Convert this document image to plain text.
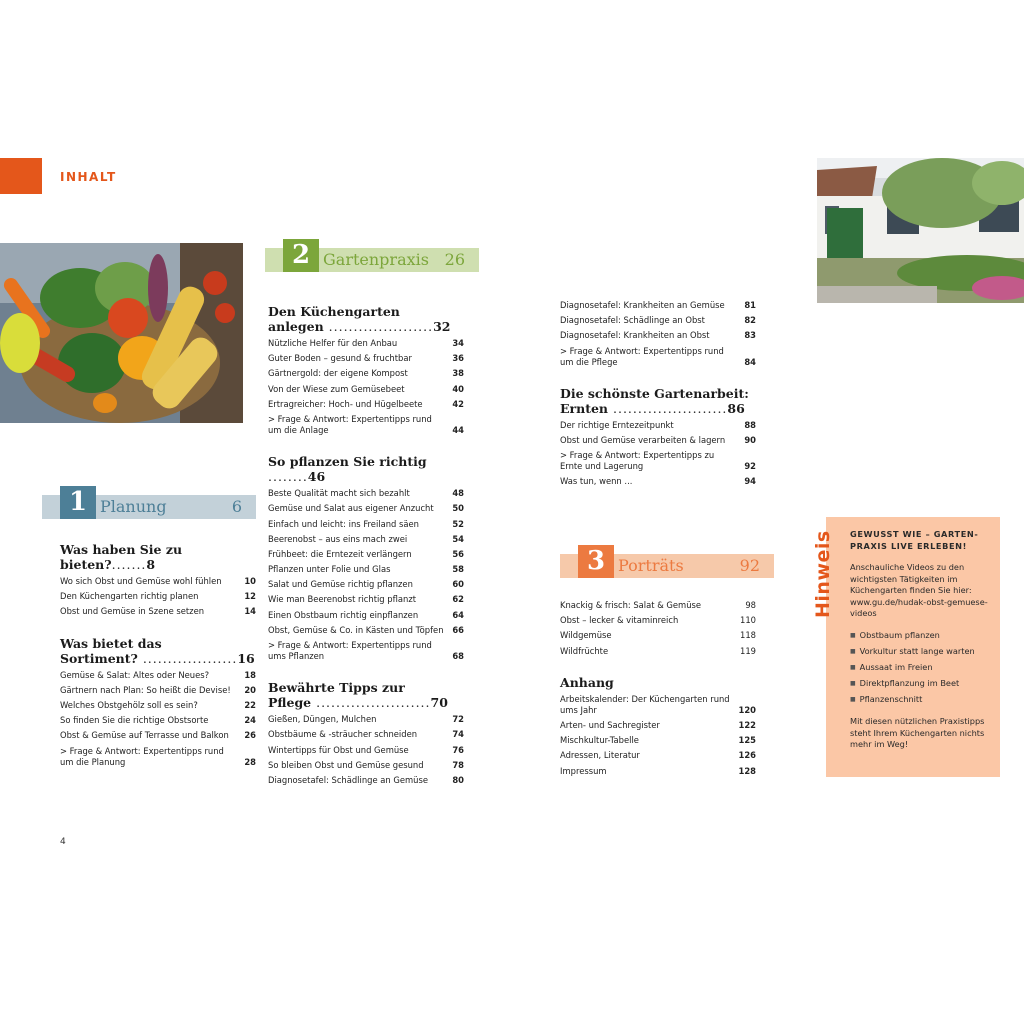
INHALT
1 Planung	6
2 Gartenpraxis 26
3 Porträts	92
Was haben Sie zu bieten?.......8
Wo sich Obst und Gemüse wohl fühlen	10
Den Küchengarten richtig planen	12
Obst und Gemüse in Szene setzen	14
Was bietet das
Sortiment? ...................16
Gemüse & Salat: Altes oder Neues?	18
Gärtnern nach Plan: So heißt die Devise!	20
Welches Obstgehölz soll es sein?	22
So finden Sie die richtige Obstsorte	24
Obst & Gemüse auf Terrasse und Balkon	26
> Frage & Antwort: Expertentipps rund um die Planung	28
Den Küchengarten
anlegen .....................32
Nützliche Helfer für den Anbau	34
Guter Boden – gesund & fruchtbar	36
Gärtnergold: der eigene Kompost	38
Von der Wiese zum Gemüsebeet	40
Ertragreicher: Hoch- und Hügelbeete	42
> Frage & Antwort: Expertentipps rund um die Anlage	44
So pflanzen Sie richtig ........46
Beste Qualität macht sich bezahlt	48
Gemüse und Salat aus eigener Anzucht	50
Einfach und leicht: ins Freiland säen	52
Beerenobst – aus eins mach zwei	54
Frühbeet: die Erntezeit verlängern	56
Pflanzen unter Folie und Glas	58
Salat und Gemüse richtig pflanzen	60
Wie man Beerenobst richtig pflanzt	62
Einen Obstbaum richtig einpflanzen	64
Obst, Gemüse & Co. in Kästen und Töpfen	66
> Frage & Antwort: Expertentipps rund ums Pflanzen	68
Bewährte Tipps zur
Pflege .......................70
Gießen, Düngen, Mulchen	72
Obstbäume & -sträucher schneiden	74
Wintertipps für Obst und Gemüse	76
So bleiben Obst und Gemüse gesund	78
Diagnosetafel: Schädlinge an Gemüse	80
Diagnosetafel: Krankheiten an Gemüse	81
Diagnosetafel: Schädlinge an Obst	82
Diagnosetafel: Krankheiten an Obst	83
> Frage & Antwort: Expertentipps rund um die Pflege	84
Die schönste Gartenarbeit:
Ernten .......................86
Der richtige Erntezeitpunkt	88
Obst und Gemüse verarbeiten & lagern	90
> Frage & Antwort: Expertentipps zu Ernte und Lagerung	92
Was tun, wenn ...	94
Knackig & frisch: Salat & Gemüse	98
Obst – lecker & vitaminreich	110
Wildgemüse	118
Wildfrüchte	119
Anhang
Arbeitskalender: Der Küchengarten rund ums Jahr	120
Arten- und Sachregister	122
Mischkultur-Tabelle	125
Adressen, Literatur	126
Impressum	128
GEWUSST WIE – GARTEN-PRAXIS LIVE ERLEBEN!
Anschauliche Videos zu den wichtigsten Tätigkeiten im Küchengarten finden Sie hier: www.gu.de/hudak-obst-gemuese-videos
■ Obstbaum pflanzen
■ Vorkultur statt lange warten
■ Aussaat im Freien
■ Direktpflanzung im Beet
■ Pflanzenschnitt
Mit diesen nützlichen Praxistipps steht Ihrem Küchengarten nichts mehr im Weg!
Hinweis
4
